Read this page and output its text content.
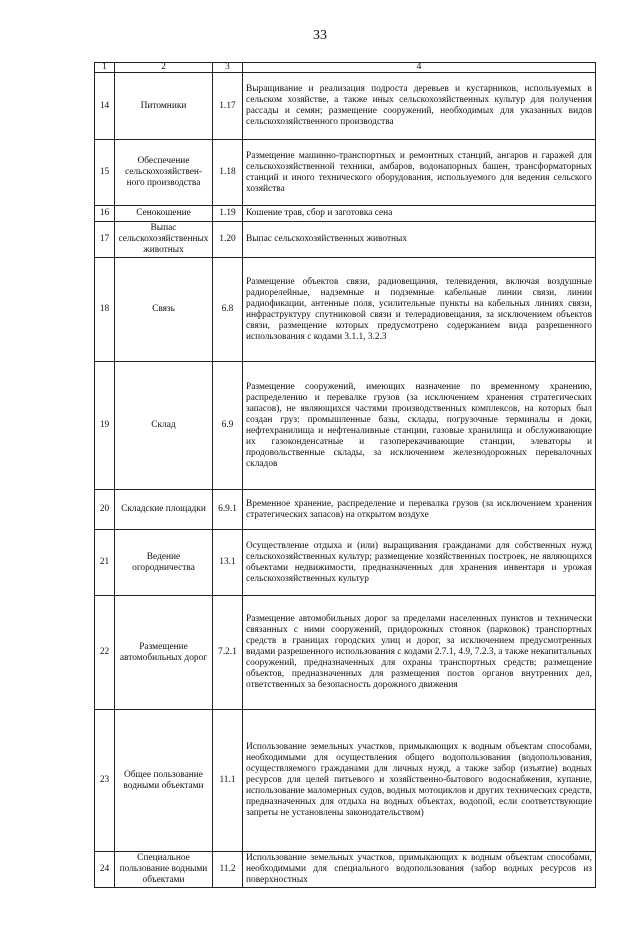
33
1	2	3	4
14	Питомники	1.17	Выращивание и реализация подроста деревьев и кустарников, используемых в сельском хозяйстве, а также иных сельскохозяйственных культур для получения рассады и семян; размещение сооружений, необходимых для указанных видов сельскохозяйственного производства
15	Обеспечение сельскохозяйствен-ного производства	1.18	Размещение машинно-транспортных и ремонтных станций, ангаров и гаражей для сельскохозяйственной техники, амбаров, водонапорных башен, трансформаторных станций и иного технического оборудования, используемого для ведения сельского хозяйства
16	Сенокошение	1.19	Кошение трав, сбор и заготовка сена
17	Выпас сельскохозяйственных животных	1.20	Выпас сельскохозяйственных животных
18	Связь	6.8	Размещение объектов связи, радиовещания, телевидения, включая воздушные радиорелейные, надземные и подземные кабельные линии связи, линии радиофикации, антенные поля, усилительные пункты на кабельных линиях связи, инфраструктуру спутниковой связи и телерадиовещания, за исключением объектов связи, размещение которых предусмотрено содержанием вида разрешенного использования с кодами 3.1.1, 3.2.3
19	Склад	6.9	Размещение сооружений, имеющих назначение по временному хранению, распределению и перевалке грузов (за исключением хранения стратегических запасов), не являющихся частями производственных комплексов, на которых был создан груз: промышленные базы, склады, погрузочные терминалы и доки, нефтехранилища и нефтеналивные станции, газовые хранилища и обслуживающие их газоконденсатные и газоперекачивающие станции, элеваторы и продовольственные склады, за исключением железнодорожных перевалочных складов
20	Складские площадки	6.9.1	Временное хранение, распределение и перевалка грузов (за исключением хранения стратегических запасов) на открытом воздухе
21	Ведение огородничества	13.1	Осуществление отдыха и (или) выращивания гражданами для собственных нужд сельскохозяйственных культур; размещение хозяйственных построек, не являющихся объектами недвижимости, предназначенных для хранения инвентаря и урожая сельскохозяйственных культур
22	Размещение автомобильных дорог	7.2.1	Размещение автомобильных дорог за пределами населенных пунктов и технически связанных с ними сооружений, придорожных стоянок (парковок) транспортных средств в границах городских улиц и дорог, за исключением предусмотренных видами разрешенного использования с кодами 2.7.1, 4.9, 7.2.3, а также некапитальных сооружений, предназначенных для охраны транспортных средств; размещение объектов, предназначенных для размещения постов органов внутренних дел, ответственных за безопасность дорожного движения
23	Общее пользование водными объектами	11.1	Использование земельных участков, примыкающих к водным объектам способами, необходимыми для осуществления общего водопользования (водопользования, осуществляемого гражданами для личных нужд, а также забор (изъятие) водных ресурсов для целей питьевого и хозяйственно-бытового водоснабжения, купание, использование маломерных судов, водных мотоциклов и других технических средств, предназначенных для отдыха на водных объектах, водопой, если соответствующие запреты не установлены законодательством)
24	Специальное пользование водными объектами	11.2	Использование земельных участков, примыкающих к водным объектам способами, необходимыми для специального водопользования (забор водных ресурсов из поверхностных
